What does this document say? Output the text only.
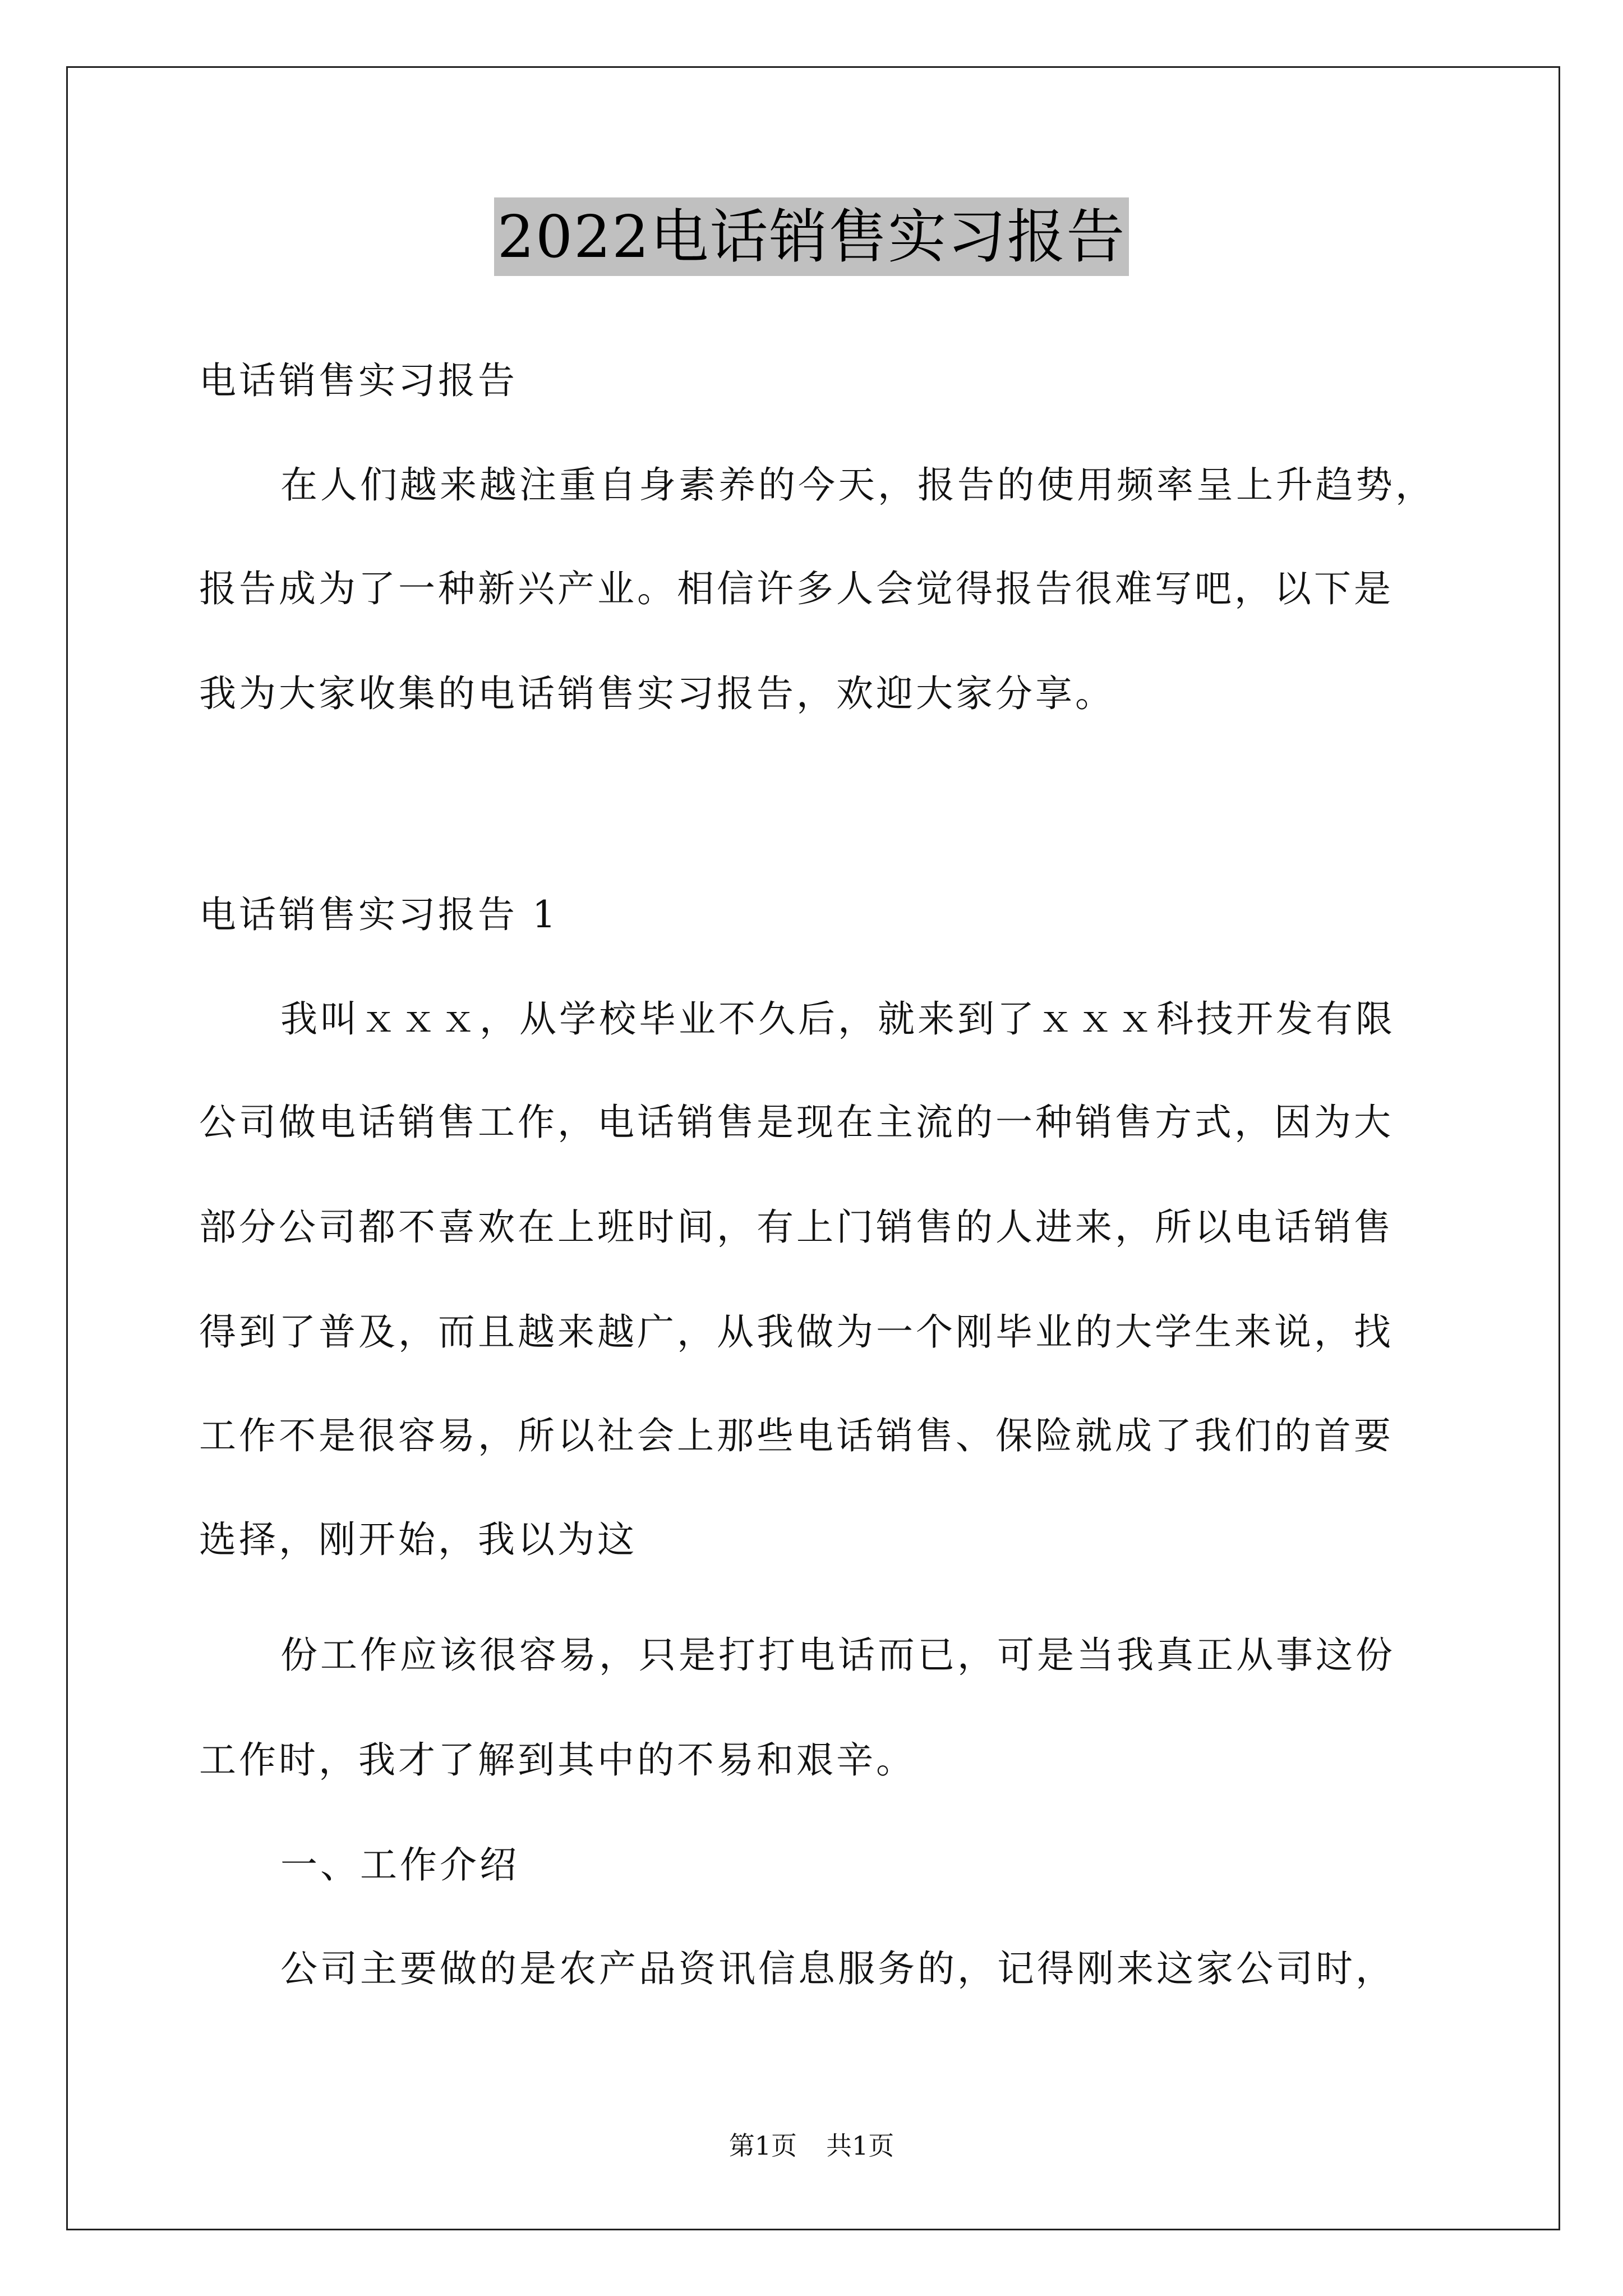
2022电话销售实习报告
电话销售实习报告
在人们越来越注重自身素养的今天，报告的使用频率呈上升趋势，
报告成为了一种新兴产业。相信许多人会觉得报告很难写吧，以下是
我为大家收集的电话销售实习报告，欢迎大家分享。
电话销售实习报告 1
我叫ｘｘｘ，从学校毕业不久后，就来到了ｘｘｘ科技开发有限
公司做电话销售工作，电话销售是现在主流的一种销售方式，因为大
部分公司都不喜欢在上班时间，有上门销售的人进来，所以电话销售
得到了普及，而且越来越广，从我做为一个刚毕业的大学生来说，找
工作不是很容易，所以社会上那些电话销售、保险就成了我们的首要
选择，刚开始，我以为这
份工作应该很容易，只是打打电话而已，可是当我真正从事这份
工作时，我才了解到其中的不易和艰辛。
一、工作介绍
公司主要做的是农产品资讯信息服务的，记得刚来这家公司时，
第1页 共1页
